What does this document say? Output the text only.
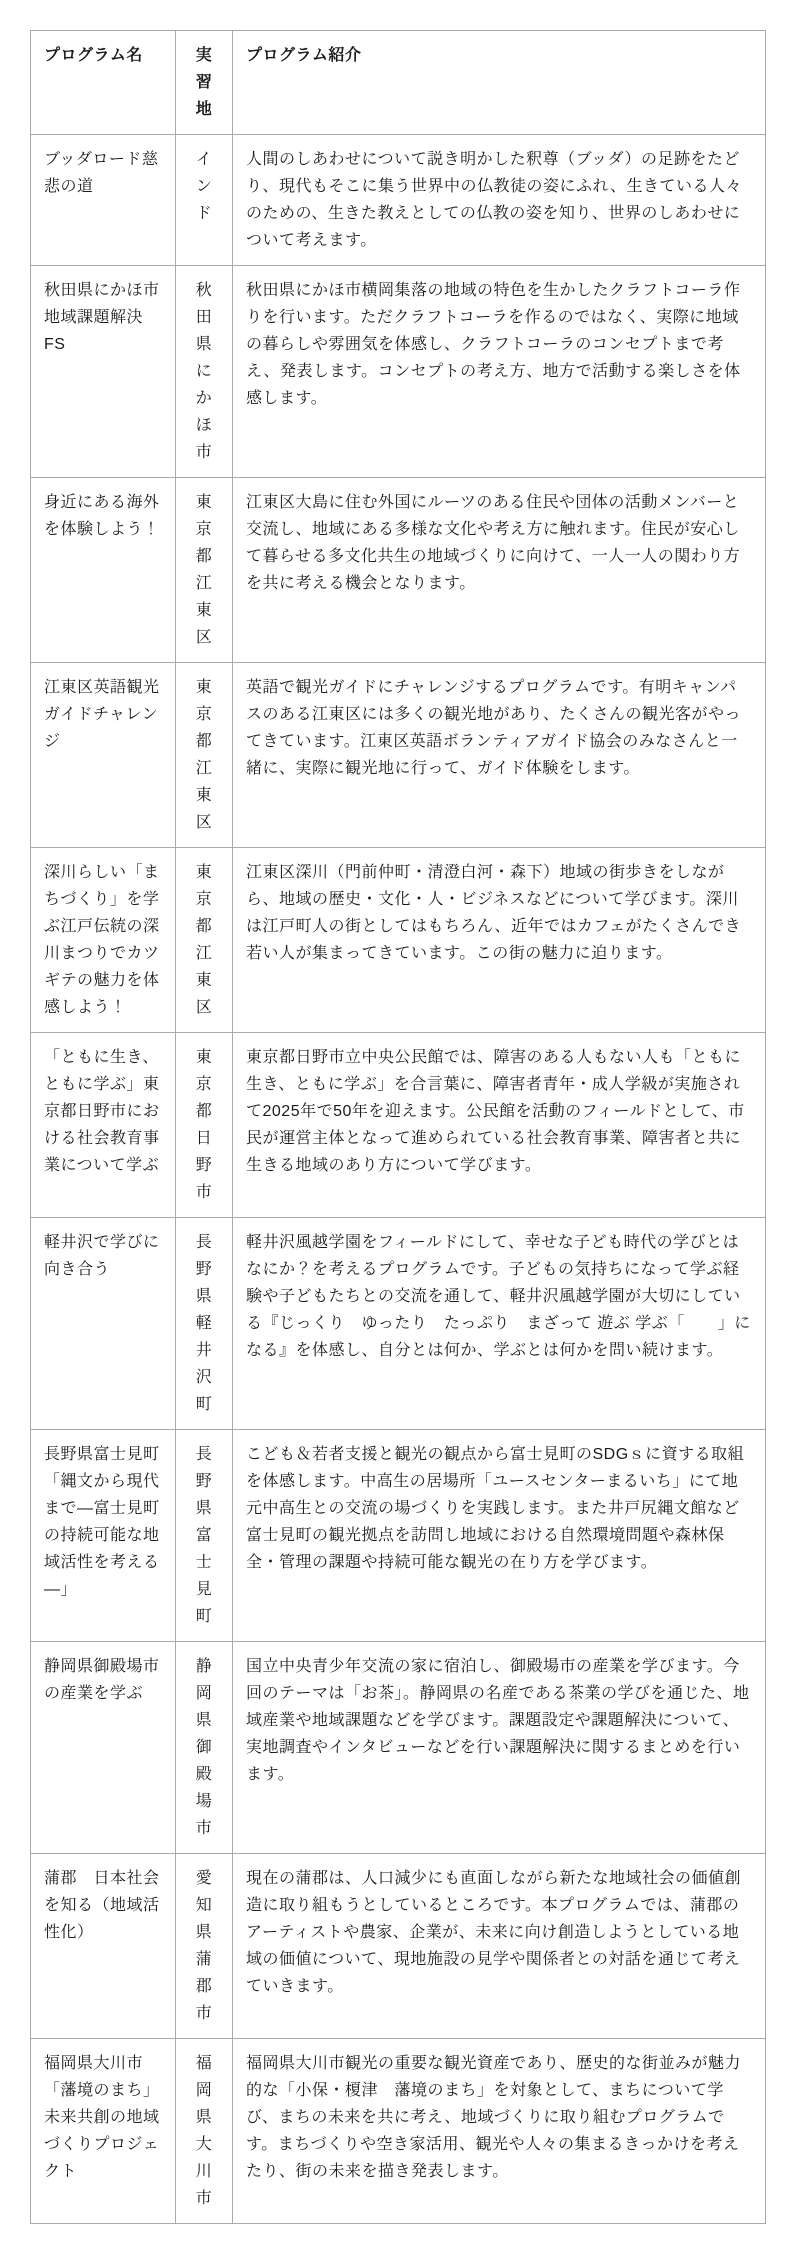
プログラム名	実習地	プログラム紹介
ブッダロード慈悲の道	インド	人間のしあわせについて説き明かした釈尊（ブッダ）の足跡をたどり、現代もそこに集う世界中の仏教徒の姿にふれ、生きている人々のための、生きた教えとしての仏教の姿を知り、世界のしあわせについて考えます。
秋田県にかほ市地域課題解決FS	秋田県にかほ市	秋田県にかほ市横岡集落の地域の特色を生かしたクラフトコーラ作りを行います。ただクラフトコーラを作るのではなく、実際に地域の暮らしや雰囲気を体感し、クラフトコーラのコンセプトまで考え、発表します。コンセプトの考え方、地方で活動する楽しさを体感します。
身近にある海外を体験しよう！	東京都江東区	江東区大島に住む外国にルーツのある住民や団体の活動メンバーと交流し、地域にある多様な文化や考え方に触れます。住民が安心して暮らせる多文化共生の地域づくりに向けて、一人一人の関わり方を共に考える機会となります。
江東区英語観光ガイドチャレンジ	東京都江東区	英語で観光ガイドにチャレンジするプログラムです。有明キャンパスのある江東区には多くの観光地があり、たくさんの観光客がやってきています。江東区英語ボランティアガイド協会のみなさんと一緒に、実際に観光地に行って、ガイド体験をします。
深川らしい「まちづくり」を学ぶ江戸伝統の深川まつりでカツギテの魅力を体感しよう！	東京都江東区	江東区深川（門前仲町・清澄白河・森下）地域の街歩きをしながら、地域の歴史・文化・人・ビジネスなどについて学びます。深川は江戸町人の街としてはもちろん、近年ではカフェがたくさんでき若い人が集まってきています。この街の魅力に迫ります。
「ともに生き、ともに学ぶ」東京都日野市における社会教育事業について学ぶ	東京都日野市	東京都日野市立中央公民館では、障害のある人もない人も「ともに生き、ともに学ぶ」を合言葉に、障害者青年・成人学級が実施されて2025年で50年を迎えます。公民館を活動のフィールドとして、市民が運営主体となって進められている社会教育事業、障害者と共に生きる地域のあり方について学びます。
軽井沢で学びに向き合う	長野県軽井沢町	軽井沢風越学園をフィールドにして、幸せな子ども時代の学びとはなにか？を考えるプログラムです。子どもの気持ちになって学ぶ経験や子どもたちとの交流を通して、軽井沢風越学園が大切にしている『じっくり　ゆったり　たっぷり　まざって 遊ぶ 学ぶ「　　」になる』を体感し、自分とは何か、学ぶとは何かを問い続けます。
長野県富士見町「縄文から現代まで―富士見町の持続可能な地域活性を考える―」	長野県富士見町	こども＆若者支援と観光の観点から富士見町のSDGｓに資する取組を体感します。中高生の居場所「ユースセンターまるいち」にて地元中高生との交流の場づくりを実践します。また井戸尻縄文館など富士見町の観光拠点を訪問し地域における自然環境問題や森林保全・管理の課題や持続可能な観光の在り方を学びます。
静岡県御殿場市の産業を学ぶ	静岡県御殿場市	国立中央青少年交流の家に宿泊し、御殿場市の産業を学びます。今回のテーマは「お茶」。静岡県の名産である茶業の学びを通じた、地域産業や地域課題などを学びます。課題設定や課題解決について、実地調査やインタビューなどを行い課題解決に関するまとめを行います。
蒲郡　日本社会を知る（地域活性化）	愛知県蒲郡市	現在の蒲郡は、人口減少にも直面しながら新たな地域社会の価値創造に取り組もうとしているところです。本プログラムでは、蒲郡のアーティストや農家、企業が、未来に向け創造しようとしている地域の価値について、現地施設の見学や関係者との対話を通じて考えていきます。
福岡県大川市「藩境のまち」未来共創の地域づくりプロジェクト	福岡県大川市	福岡県大川市観光の重要な観光資産であり、歴史的な街並みが魅力的な「小保・榎津　藩境のまち」を対象として、まちについて学び、まちの未来を共に考え、地域づくりに取り組むプログラムです。まちづくりや空き家活用、観光や人々の集まるきっかけを考えたり、街の未来を描き発表します。
